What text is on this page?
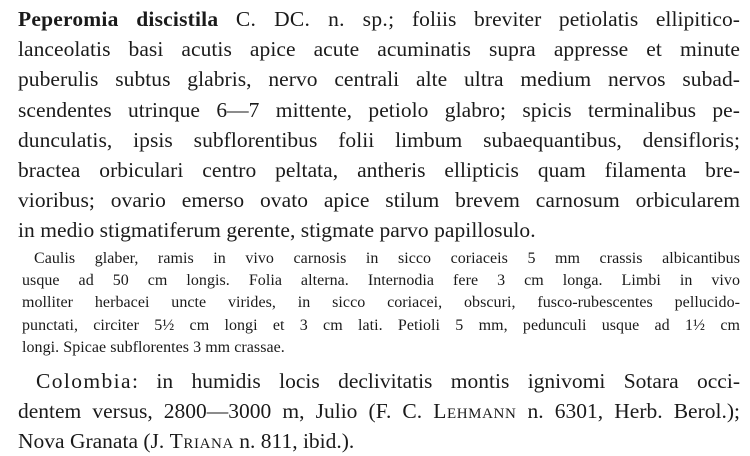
Peperomia discistila C. DC. n. sp.; foliis breviter petiolatis ellipitico-
lanceolatis basi acutis apice acute acuminatis supra appresse et minute
puberulis subtus glabris, nervo centrali alte ultra medium nervos subad-
scendentes utrinque 6—7 mittente, petiolo glabro; spicis terminalibus pe-
dunculatis, ipsis subflorentibus folii limbum subaequantibus, densifloris;
bractea orbiculari centro peltata, antheris ellipticis quam filamenta bre-
vioribus; ovario emerso ovato apice stilum brevem carnosum orbicularem
in medio stigmatiferum gerente, stigmate parvo papillosulo.
Caulis glaber, ramis in vivo carnosis in sicco coriaceis 5 mm crassis albicantibus
usque ad 50 cm longis. Folia alterna. Internodia fere 3 cm longa. Limbi in vivo
molliter herbacei uncte virides, in sicco coriacei, obscuri, fusco-rubescentes pellucido-
punctati, circiter 5½ cm longi et 3 cm lati. Petioli 5 mm, pedunculi usque ad 1½ cm
longi. Spicae subflorentes 3 mm crassae.
Colombia: in humidis locis declivitatis montis ignivomi Sotara occi-
dentem versus, 2800—3000 m, Julio (F. C. Lehmann n. 6301, Herb. Berol.);
Nova Granata (J. Triana n. 811, ibid.).
